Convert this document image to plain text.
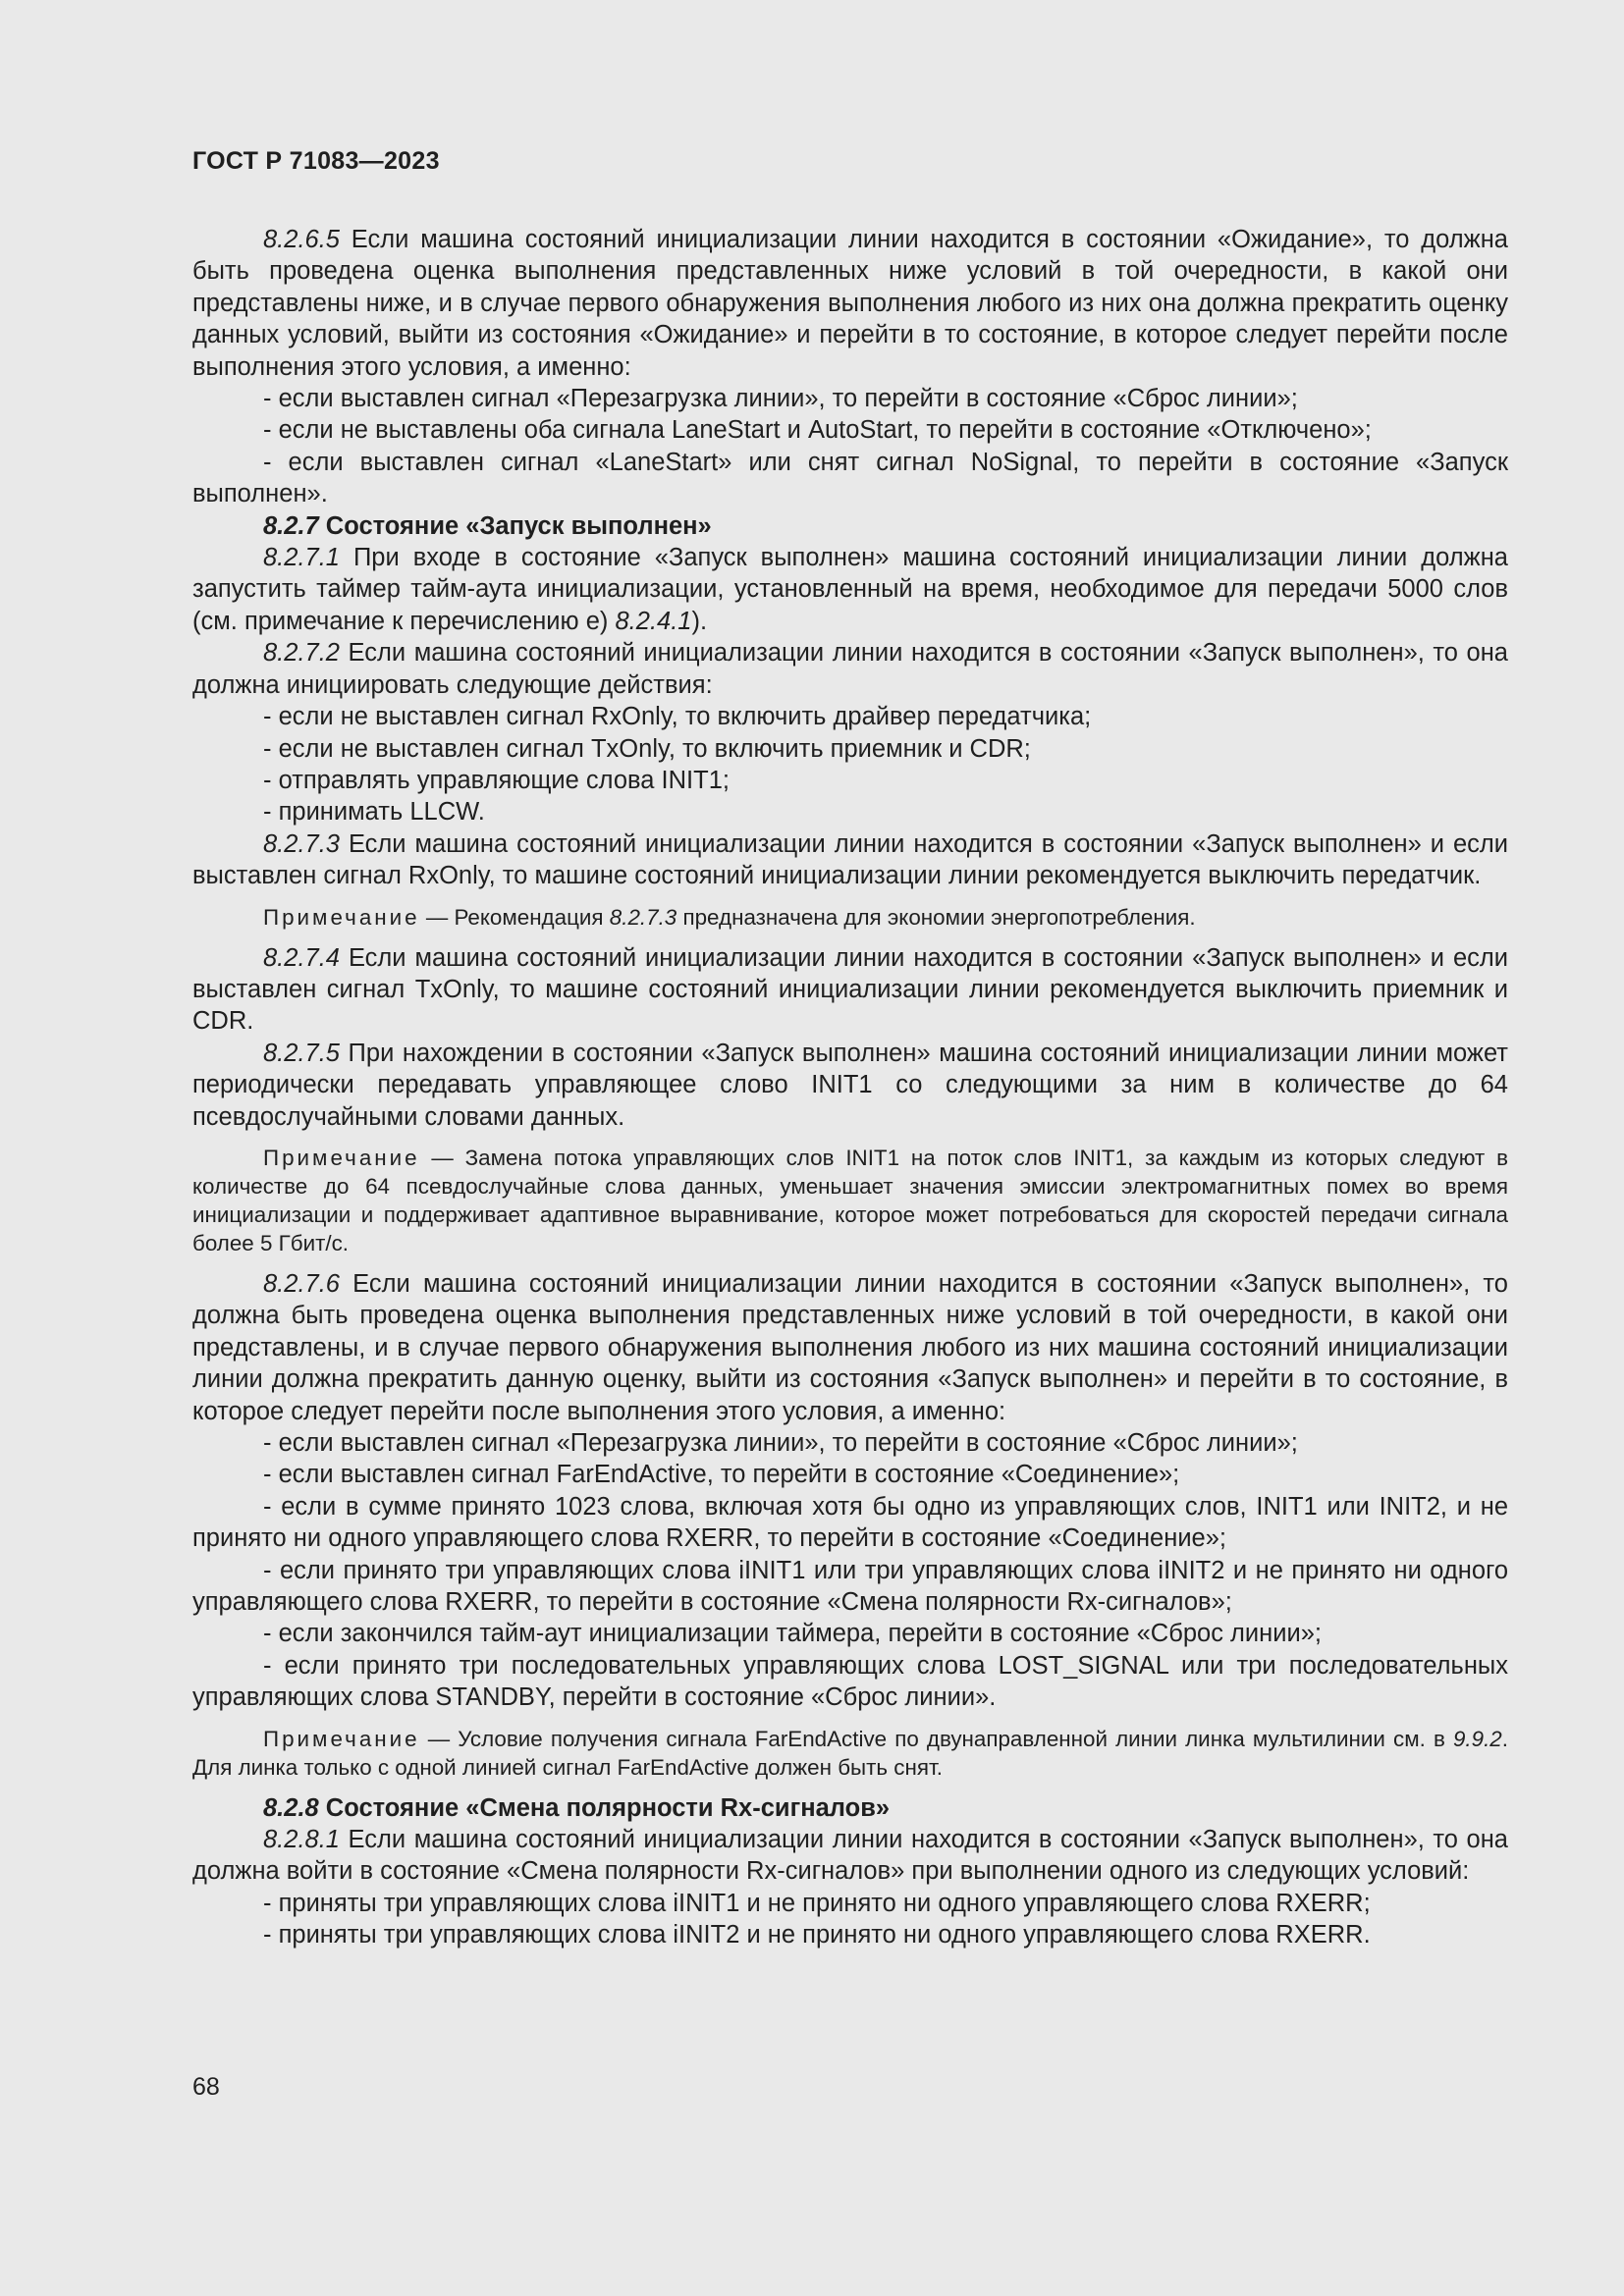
ГОСТ Р 71083—2023

8.2.6.5 Если машина состояний инициализации линии находится в состоянии «Ожидание», то должна быть проведена оценка выполнения представленных ниже условий в той очередности, в какой они представлены ниже, и в случае первого обнаружения выполнения любого из них она должна прекратить оценку данных условий, выйти из состояния «Ожидание» и перейти в то состояние, в которое следует перейти после выполнения этого условия, а именно:

- если выставлен сигнал «Перезагрузка линии», то перейти в состояние «Сброс линии»;

- если не выставлены оба сигнала LaneStart и AutoStart, то перейти в состояние «Отключено»;

- если выставлен сигнал «LaneStart» или снят сигнал NoSignal, то перейти в состояние «Запуск выполнен».

8.2.7 Состояние «Запуск выполнен»

8.2.7.1 При входе в состояние «Запуск выполнен» машина состояний инициализации линии должна запустить таймер тайм-аута инициализации, установленный на время, необходимое для передачи 5000 слов (см. примечание к перечислению е) 8.2.4.1).

8.2.7.2 Если машина состояний инициализации линии находится в состоянии «Запуск выполнен», то она должна инициировать следующие действия:

- если не выставлен сигнал RxOnly, то включить драйвер передатчика;

- если не выставлен сигнал TxOnly, то включить приемник и CDR;

- отправлять управляющие слова INIT1;

- принимать LLCW.

8.2.7.3 Если машина состояний инициализации линии находится в состоянии «Запуск выполнен» и если выставлен сигнал RxOnly, то машине состояний инициализации линии рекомендуется выключить передатчик.

Примечание — Рекомендация 8.2.7.3 предназначена для экономии энергопотребления.

8.2.7.4 Если машина состояний инициализации линии находится в состоянии «Запуск выполнен» и если выставлен сигнал TxOnly, то машине состояний инициализации линии рекомендуется выключить приемник и CDR.

8.2.7.5 При нахождении в состоянии «Запуск выполнен» машина состояний инициализации линии может периодически передавать управляющее слово INIT1 со следующими за ним в количестве до 64 псевдослучайными словами данных.

Примечание — Замена потока управляющих слов INIT1 на поток слов INIT1, за каждым из которых следуют в количестве до 64 псевдослучайные слова данных, уменьшает значения эмиссии электромагнитных помех во время инициализации и поддерживает адаптивное выравнивание, которое может потребоваться для скоростей передачи сигнала более 5 Гбит/с.

8.2.7.6 Если машина состояний инициализации линии находится в состоянии «Запуск выполнен», то должна быть проведена оценка выполнения представленных ниже условий в той очередности, в какой они представлены, и в случае первого обнаружения выполнения любого из них машина состояний инициализации линии должна прекратить данную оценку, выйти из состояния «Запуск выполнен» и перейти в то состояние, в которое следует перейти после выполнения этого условия, а именно:

- если выставлен сигнал «Перезагрузка линии», то перейти в состояние «Сброс линии»;

- если выставлен сигнал FarEndActive, то перейти в состояние «Соединение»;

- если в сумме принято 1023 слова, включая хотя бы одно из управляющих слов, INIT1 или INIT2, и не принято ни одного управляющего слова RXERR, то перейти в состояние «Соединение»;

- если принято три управляющих слова iINIT1 или три управляющих слова iINIT2 и не принято ни одного управляющего слова RXERR, то перейти в состояние «Смена полярности Rx-сигналов»;

- если закончился тайм-аут инициализации таймера, перейти в состояние «Сброс линии»;

- если принято три последовательных управляющих слова LOST_SIGNAL или три последовательных управляющих слова STANDBY, перейти в состояние «Сброс линии».

Примечание — Условие получения сигнала FarEndActive по двунаправленной линии линка мультилинии см. в 9.9.2. Для линка только с одной линией сигнал FarEndActive должен быть снят.

8.2.8 Состояние «Смена полярности Rx-сигналов»

8.2.8.1 Если машина состояний инициализации линии находится в состоянии «Запуск выполнен», то она должна войти в состояние «Смена полярности Rx-сигналов» при выполнении одного из следующих условий:

- приняты три управляющих слова iINIT1 и не принято ни одного управляющего слова RXERR;

- приняты три управляющих слова iINIT2 и не принято ни одного управляющего слова RXERR.

68
